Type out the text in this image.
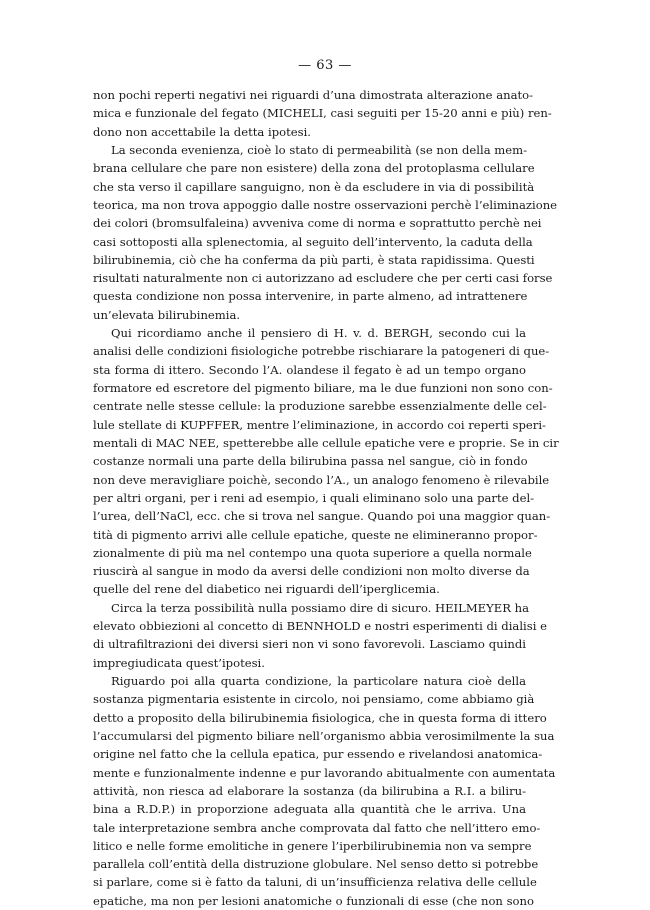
— 63 —
non pochi reperti negativi nei riguardi d’una dimostrata alterazione anato-
mica e funzionale del fegato (MICHELI, casi seguiti per 15-20 anni e più) ren-
dono non accettabile la detta ipotesi.
La seconda evenienza, cioè lo stato di permeabilità (se non della mem-
brana cellulare che pare non esistere) della zona del protoplasma cellulare
che sta verso il capillare sanguigno, non è da escludere in via di possibilità
teorica, ma non trova appoggio dalle nostre osservazioni perchè l’eliminazione
dei colori (bromsulfaleina) avveniva come di norma e soprattutto perchè nei
casi sottoposti alla splenectomia, al seguito dell’intervento, la caduta della
bilirubinemia, ciò che ha conferma da più parti, è stata rapidissima. Questi
risultati naturalmente non ci autorizzano ad escludere che per certi casi forse
questa condizione non possa intervenire, in parte almeno, ad intrattenere
un’elevata bilirubinemia.
Qui ricordiamo anche il pensiero di H. v. d. BERGH, secondo cui la
analisi delle condizioni fisiologiche potrebbe rischiarare la patogeneri di que-
sta forma di ittero. Secondo l’A. olandese il fegato è ad un tempo organo
formatore ed escretore del pigmento biliare, ma le due funzioni non sono con-
centrate nelle stesse cellule: la produzione sarebbe essenzialmente delle cel-
lule stellate di KUPFFER, mentre l’eliminazione, in accordo coi reperti speri-
mentali di MAC NEE, spetterebbe alle cellule epatiche vere e proprie. Se in cir
costanze normali una parte della bilirubina passa nel sangue, ciò in fondo
non deve meravigliare poichè, secondo l’A., un analogo fenomeno è rilevabile
per altri organi, per i reni ad esempio, i quali eliminano solo una parte del-
l’urea, dell’NaCl, ecc. che si trova nel sangue. Quando poi una maggior quan-
tità di pigmento arrivi alle cellule epatiche, queste ne elimineranno propor-
zionalmente di più ma nel contempo una quota superiore a quella normale
riuscirà al sangue in modo da aversi delle condizioni non molto diverse da
quelle del rene del diabetico nei riguardi dell’iperglicemia.
Circa la terza possibilità nulla possiamo dire di sicuro. HEILMEYER ha
elevato obbiezioni al concetto di BENNHOLD e nostri esperimenti di dialisi e
di ultrafiltrazioni dei diversi sieri non vi sono favorevoli. Lasciamo quindi
impregiudicata quest’ipotesi.
Riguardo poi alla quarta condizione, la particolare natura cioè della
sostanza pigmentaria esistente in circolo, noi pensiamo, come abbiamo già
detto a proposito della bilirubinemia fisiologica, che in questa forma di ittero
l’accumularsi del pigmento biliare nell’organismo abbia verosimilmente la sua
origine nel fatto che la cellula epatica, pur essendo e rivelandosi anatomica-
mente e funzionalmente indenne e pur lavorando abitualmente con aumentata
attività, non riesca ad elaborare la sostanza (da bilirubina a R.I. a bilіru-
bina a R.D.P.) in proporzione adeguata alla quantità che le arriva. Una
tale interpretazione sembra anche comprovata dal fatto che nell’ittero emo-
litico e nelle forme emolitiche in genere l’iperbilirubinemia non va sempre
parallela coll’entità della distruzione globulare. Nel senso detto si potrebbe
si parlare, come si è fatto da taluni, di un’insufficienza relativa delle cellule
epatiche, ma non per lesioni anatomiche o funzionali di esse (che non sono
